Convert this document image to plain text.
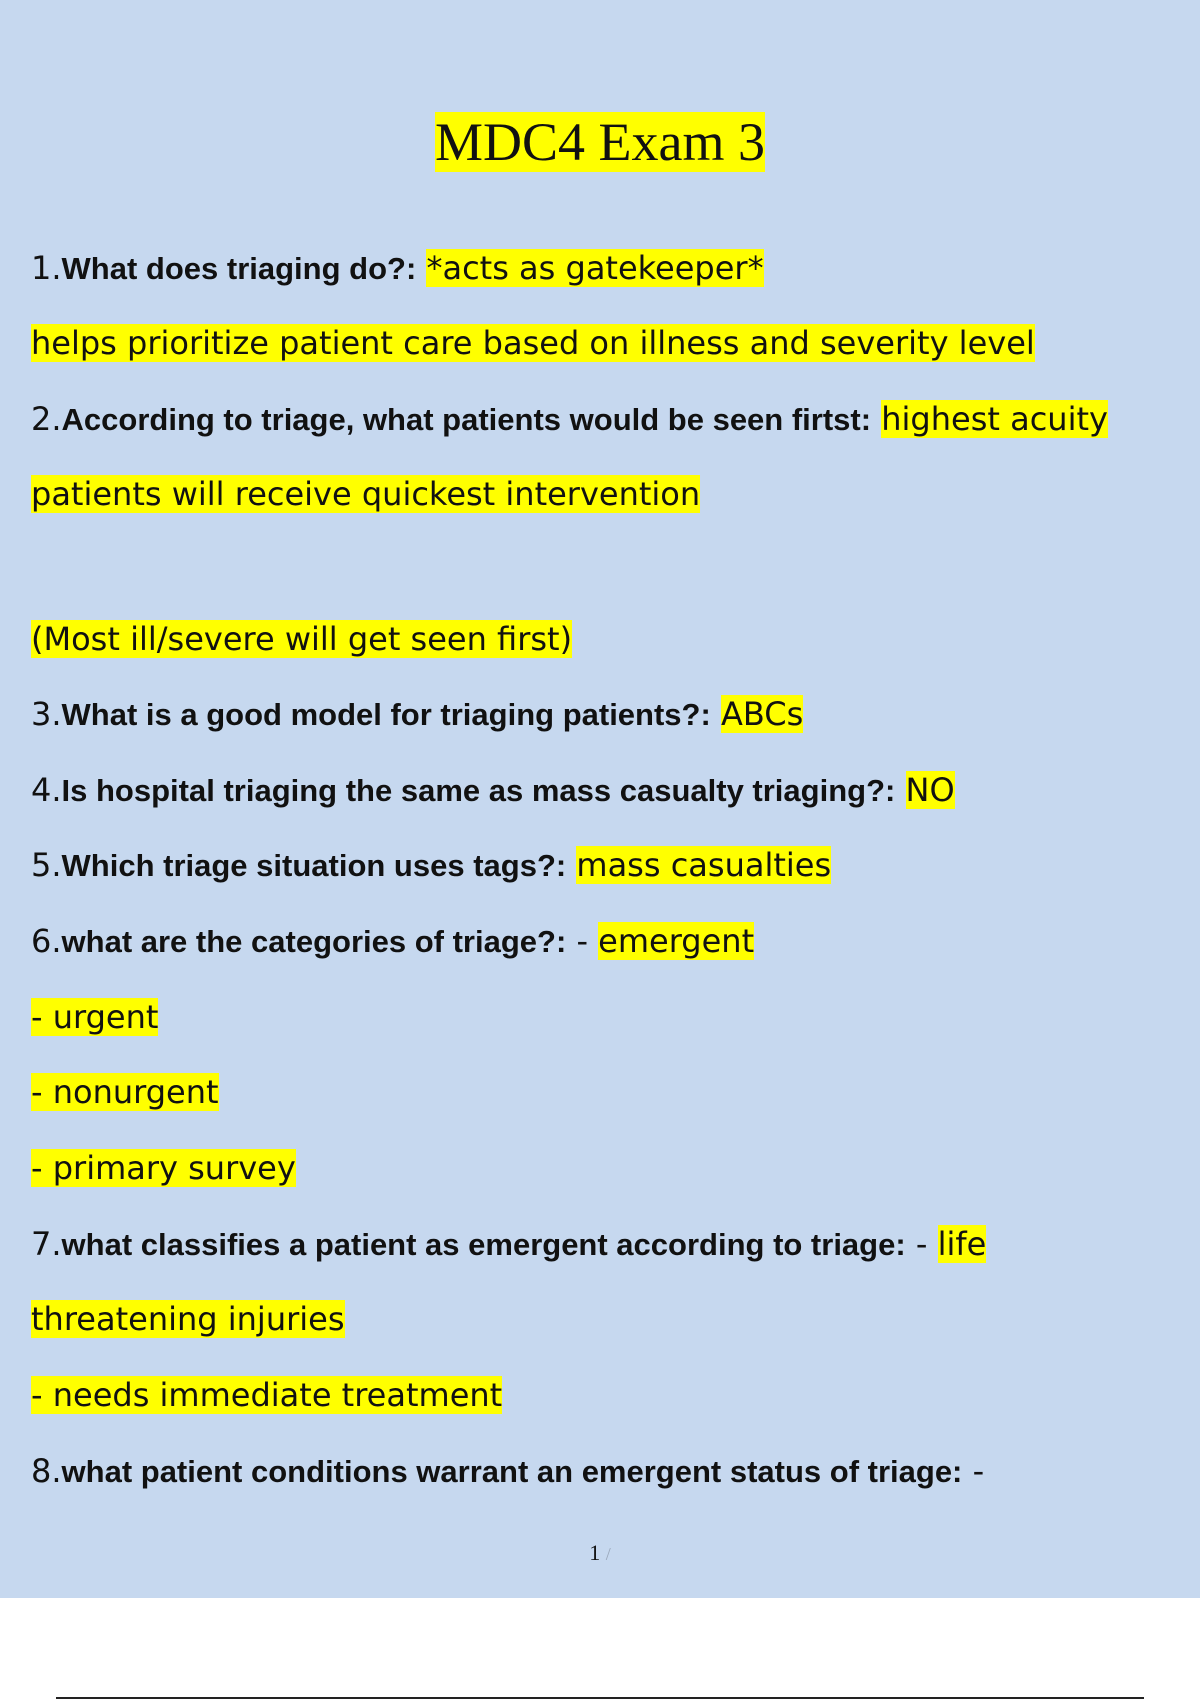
MDC4 Exam 3
1.What does triaging do?: *acts as gatekeeper*
helps prioritize patient care based on illness and severity level
2.According to triage, what patients would be seen firtst: highest acuity
patients will receive quickest intervention
(Most ill/severe will get seen first)
3.What is a good model for triaging patients?: ABCs
4.Is hospital triaging the same as mass casualty triaging?: NO
5.Which triage situation uses tags?: mass casualties
6.what are the categories of triage?: - emergent
- urgent
- nonurgent
- primary survey
7.what classifies a patient as emergent according to triage: - life
threatening injuries
- needs immediate treatment
8.what patient conditions warrant an emergent status of triage: -
1 /
